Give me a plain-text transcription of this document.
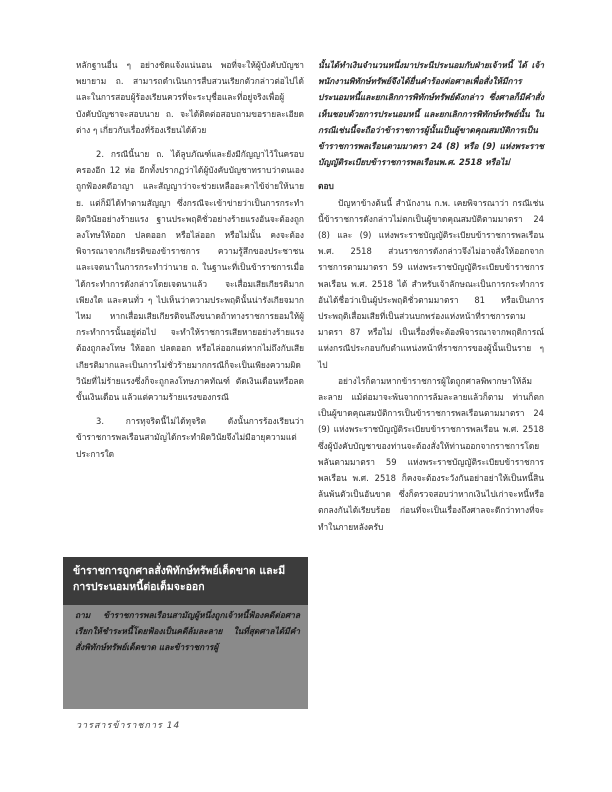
หลักฐานอื่น ๆ อย่างชัดแจ้งแน่นอน พอที่จะให้ผู้บังคับบัญชาพยายาม ถ. สามารถดำเนินการสืบสวนเรียกตัวกล่าวต่อไปได้ และในการสอบผู้ร้องเรียนควรที่จะระบุชื่อและที่อยู่จริงเพื่อผู้บังคับบัญชาจะสอบนาย ถ. จะได้ติดต่อสอบถามขอรายละเอียดต่าง ๆ เกี่ยวกับเรื่องที่ร้องเรียนได้ด้วย

2. กรณีนี้นาย ถ. ได้ลูบภัณฑ์และยังมีกัญญาไว้ในครอบครองอีก 12 ห่อ อีกทั้งปรากฏว่าได้ผู้บังคับบัญชาทราบว่าตนเองถูกฟ้องคดีอาญา และสัญญาว่าจะช่วยเหลืออะคาไข้จ่ายให้นาย ย. แต่ก็มิได้ทำตามสัญญา ซึ่งกรณีจะเข้าข่ายว่าเป็นการกระทำผิดวินัยอย่างร้ายแรง ฐานประพฤติชั่วอย่างร้ายแรงอันจะต้องถูกลงโทษให้ออก ปลดออก หรือไล่ออก หรือไม่นั้น คงจะต้องพิจารณาจากเกียรติของข้าราชการ ความรู้สึกของประชาชน และเจตนาในการกระทำว่านาย ถ. ในฐานะที่เป็นข้าราชการเมื่อได้กระทำการดังกล่าวโดยเจตนาแล้ว จะเสื่อมเสียเกียรติมากเพียงใด และคนทั่ว ๆ ไปเห็นว่าความประพฤตินั้นน่ารังเกียจมากไหม หากเสื่อมเสียเกียรติจนถึงขนาดถ้าทางราชการยอมให้ผู้กระทำการนั้นอยู่ต่อไป จะทำให้ราชการเสียหายอย่างร้ายแรงต้องถูกลงโทษ ให้ออก ปลดออก หรือไล่ออกแต่หากไม่ถึงกับเสียเกียรติมากและเป็นการไม่ชั่วร้ายมากกรณีก็จะเป็นเพียงความผิดวินัยที่ไม่ร้ายแรงซึ่งก็จะถูกลงโทษภาคทัณฑ์ ตัดเงินเดือนหรือลดขั้นเงินเดือน แล้วแต่ความร้ายแรงของกรณี

3. การทุจริตนี้ไม่ได้ทุจริต ดังนั้นการร้องเรียนว่าข้าราชการพลเรือนสามัญได้กระทำผิดวินัยจึงไม่มีอายุความแต่ประการใด

ข้าราชการถูกศาลสั่งพิทักษ์ทรัพย์เด็ดขาด และมีการประนอมหนี้ต่อเต็มจะออก
ถาม ข้าราชการพลเรือนสามัญผู้หนึ่งถูกเจ้าหนี้ฟ้องคดีต่อศาลเรียกให้ชำระหนี้โดยฟ้องเป็นคดีล้มละลาย ในที่สุดศาลได้มีคำสั่งพิทักษ์ทรัพย์เด็ดขาด และข้าราชการผู้

นั้นได้ทำเงินจำนวนหนึ่งมาประนีประนอมกับฝ่ายเจ้าหนี้ ได้ เจ้าพนักงานพิทักษ์ทรัพย์จึงได้ยื่นคำร้องต่อศาลเพื่อสั่งให้มีการประนอมหนี้และยกเลิกการพิทักษ์ทรัพย์ดังกล่าว ซึ่งศาลก็มีคำสั่งเห็นชอบด้วยการประนอมหนี้ และยกเลิกการพิทักษ์ทรัพย์นั้น ในกรณีเช่นนี้จะถือว่าข้าราชการผู้นั้นเป็นผู้ขาดคุณสมบัติการเป็นข้าราชการพลเรือนตามมาตรา 24 (8) หรือ (9) แห่งพระราชบัญญัติระเบียบข้าราชการพลเรือนพ.ศ. 2518 หรือไม่

ตอบ

ปัญหาข้างต้นนี้ สำนักงาน ก.พ. เคยพิจารณาว่า กรณีเช่นนี้ข้าราชการดังกล่าวไม่ตกเป็นผู้ขาดคุณสมบัติตามมาตรา 24 (8) และ (9) แห่งพระราชบัญญัติระเบียบข้าราชการพลเรือน พ.ศ. 2518 ส่วนราชการดังกล่าวจึงไม่อาจสั่งให้ออกจากราชการตามมาตรา 59 แห่งพระราชบัญญัติระเบียบข้าราชการพลเรือน พ.ศ. 2518 ได้ สำหรับเจ้าลักษณะเป็นการกระทำการอันได้ชื่อว่าเป็นผู้ประพฤติชั่วตามมาตรา 81 หรือเป็นการประพฤติเสื่อมเสียที่เป็นส่วนบกพร่องแห่งหน้าที่ราชการตามมาตรา 87 หรือไม่ เป็นเรื่องที่จะต้องพิจารณาจากพฤติการณ์แห่งกรณีประกอบกับตำแหน่งหน้าที่ราชการของผู้นั้นเป็นราย ๆ ไป

อย่างไรก็ตามหากข้าราชการผู้ใดถูกศาลพิพากษาให้ล้มละลาย แม้ต่อมาจะพ้นจากการล้มละลายแล้วก็ตาม ท่านก็ตกเป็นผู้ขาดคุณสมบัติการเป็นข้าราชการพลเรือนตามมาตรา 24 (9) แห่งพระราชบัญญัติระเบียบข้าราชการพลเรือน พ.ศ. 2518 ซึ่งผู้บังคับบัญชาของท่านจะต้องสั่งให้ท่านออกจากราชการโดยพลันตามมาตรา 59 แห่งพระราชบัญญัติระเบียบข้าราชการพลเรือน พ.ศ. 2518 ก็คงจะต้องระวังกันอย่าอย่าให้เป็นหนี้สินล้นพ้นตัวเป็นอันขาด ซึ่งก็ตรวจสอบว่าหากเงินไปเก่าจะหนี้หรือตกลงกันได้เรียบร้อย ก่อนที่จะเป็นเรื่องถึงศาลจะดีกว่าทางที่จะทำในภายหลังครับ

วารสารข้าราชการ 14
